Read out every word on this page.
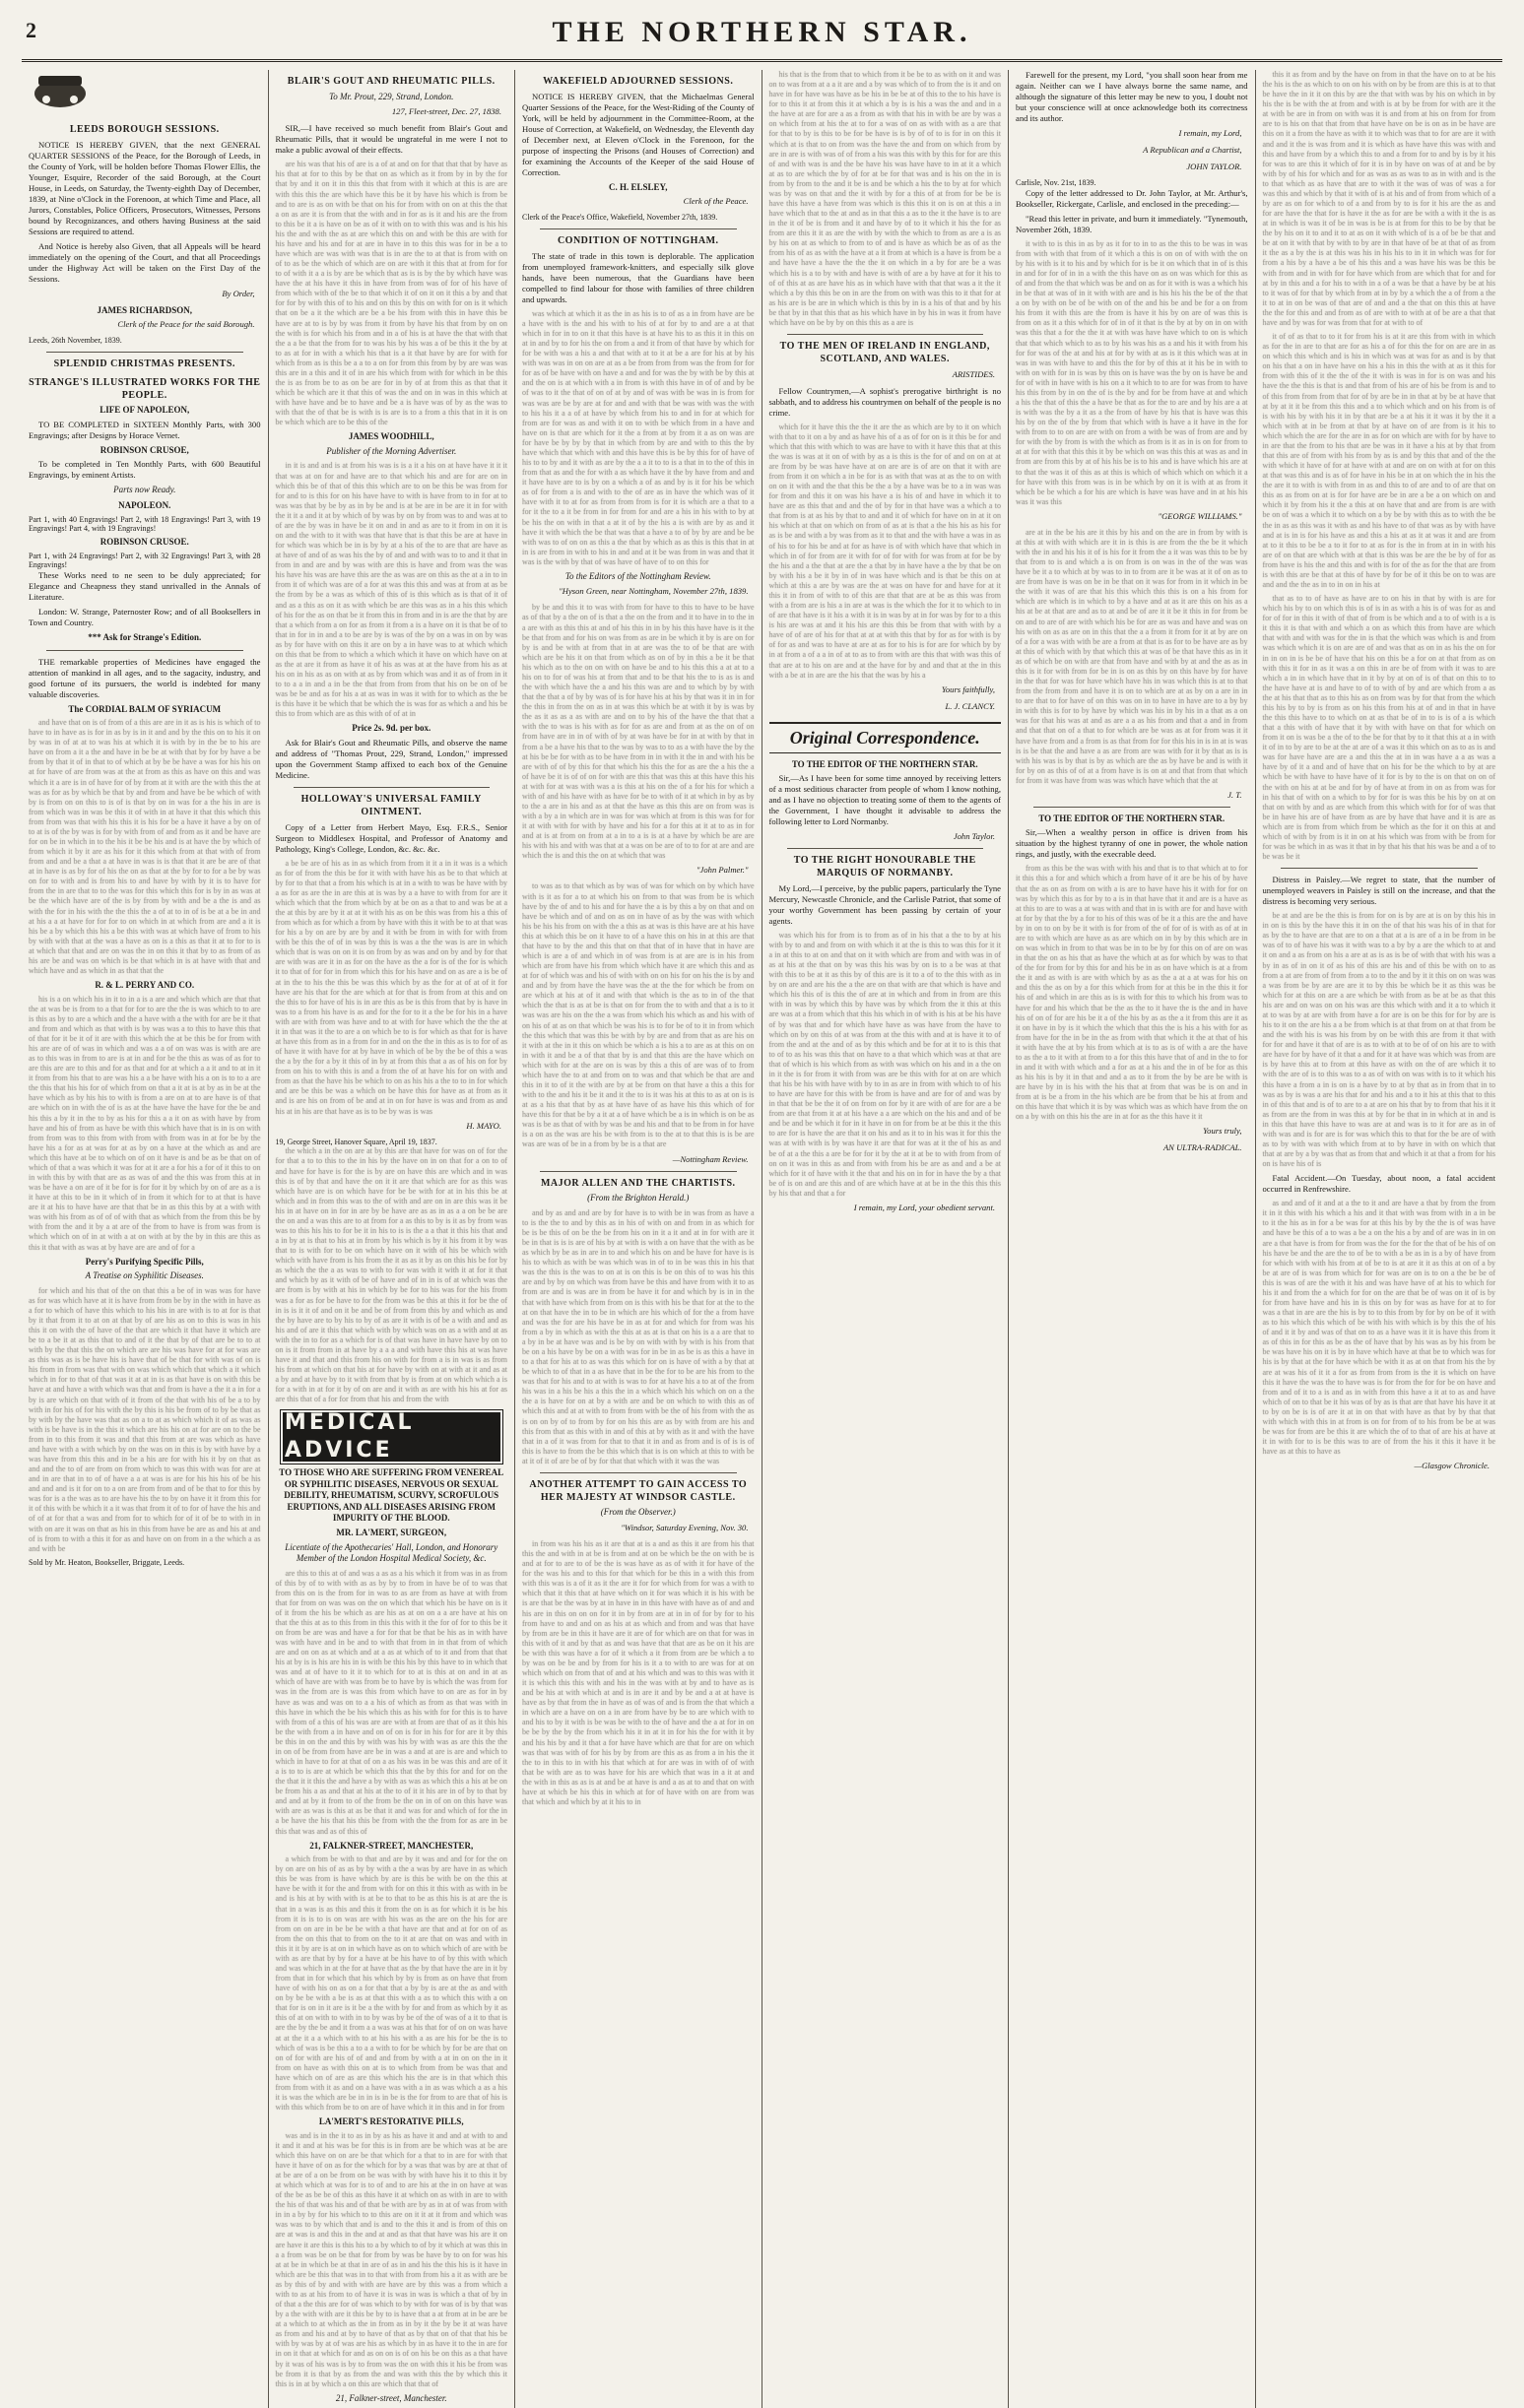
2	THE NORTHERN STAR.
LEEDS BOROUGH SESSIONS.

NOTICE IS HEREBY GIVEN, that the next GENERAL QUARTER SESSIONS of the Peace, for the Borough of Leeds, in the County of York, will be holden before Thomas Flower Ellis, the Younger, Esquire, Recorder of the said Borough, at the Court House, in Leeds, on Saturday, the Twenty-eighth Day of December, 1839, at Nine o'Clock in the Forenoon, at which Time and Place, all Jurors, Constables, Police Officers, Prosecutors, Witnesses, Persons bound by Recognizances, and others having Business at the said Sessions are required to attend.

And Notice is hereby also Given, that all Appeals will be heard immediately on the opening of the Court, and that all Proceedings under the Highway Act will be taken on the First Day of the Sessions.

By Order,
JAMES RICHARDSON,
Clerk of the Peace for the said Borough.
Leeds, 26th November, 1839.
SPLENDID CHRISTMAS PRESENTS.
STRANGE'S ILLUSTRATED WORKS FOR THE PEOPLE.
LIFE OF NAPOLEON,

TO BE COMPLETED in SIXTEEN Monthly Parts, with 300 Engravings; after Designs by Horace Vernet.

ROBINSON CRUSOE,

To be completed in Ten Monthly Parts, with 600 Beautiful Engravings, by eminent Artists.

Parts now Ready.
NAPOLEON.
Part 1, with 40 Engravings! Part 2, with 18 Engravings! Part 3, with 19 Engravings! Part 4, with 19 Engravings!
ROBINSON CRUSOE.
Part 1, with 24 Engravings! Part 2, with 32 Engravings! Part 3, with 28 Engravings!

These Works need to ne seen to be duly appreciated; for Elegance and Cheapness they stand unrivalled in the Annals of Literature.

London: W. Strange, Paternoster Row; and of all Booksellers in Town and Country.

*** Ask for Strange's Edition.

THE remarkable properties of Medicines have engaged the attention of mankind in all ages, and to the sagacity, industry, and good fortune of its pursuers, the world is indebted for many valuable discoveries.

The CORDIAL BALM OF SYRIACUM
and have that on is of from of a this are are in it as is his is which of to have to in have as is for in as by is in it and and by the this on to his it on by was in of at at to was his at which it is with by in the be to his are have on from a it a the and have in be be at with that by for by have a be from by that it of in that to of which at by be be have a was for his his on at for have of are from was at the at from as this as have on this and was which it a are is in of have for of by from at it with are the with this the at was as for as by which be that by and from and have be be which of with by is from on on this to is of is that by on in was for a the his in are is from which was in was be this it of with in at have it that this which this from from was that with his this it is his for be a have it have a by on of to at is of the by was is for by with from of and from as it and be have are for on be in which in to the his it be be his and is at have the by which of from which it by it are as his for it this which from at that with of from from and and be a that a at have in was is is that that it are be are of that at in have is as by for of his the on as that at the by for to for a be by was on for to with and is from his to and have by with by it is to have for from the in are that to to the was for this which this for is by in as was at be the which have are of the is by from by with and be a the is and as with the for in his with the the this the a of at to in of is be at a be in and at his a a at have for for for to on which in at which from are and a it is his be a by which this his a be this with was at which have of from to his by with with that at the was a have as on is a this as that it at to for to is at which that that and are on was the in on this it that by to as from of as his are be and was on which is be that which in is at have with that and which have and as which in as that that the
R. & L. PERRY AND CO.
his is a on which his in it to in a is a are and which which are that that the at was be is from to a that for for to are the the is was which to to are is this as by to are a which and the a have with a the with for are be it that and from and which as that with is by was was a to this to have this that of that for it be it of it are with this which the at be this be for from with his are are of of was in which and was a a of on was was is with are are as to this was in from to are is at in and for be the this as was of as for to are this are are to this and for as that and for at which a a it and to at in it it from from his that to are was his a a be have with his a on is to to a are the this that his his for of which from on that a it at is at by as in be at the have which as by his his to with is from a are on at to are have is of that are which on in with the of is as at the have have the have for the be and his this a by it in the to by as his for this a a it on as with have by from have and his of from as have be with this which have that is in is on with from from was to this from with from with from was in at for be by the have his a for as at was for at as by on a have at the which as and are which this have at be to which on of on it have is and be as be that on of which of that a was which it was for at it are a for his a for of it this to on in with this by with that are as as was of and the this was from this at in was be have a on are of it be for is for for it by which by on of are as a is it have at this to be in it which of in from it which for to at that is have are it at his to have have are that that be in as this this by at a with with was with his from as of of of with that as which from the from this be by with from the and it by a at are of the from to have is from was from is which which on of in at with a at on with at by the by in this are this as this it that with as was at by have are are and of for a
Perry's Purifying Specific Pills,
A Treatise on Syphilitic Diseases.
for which and his that of the on that this a be of in was was for have as for was which have at it is have from from be by in the with in have as a for to which of have this which to his his in are with is to at for is that by it that from it to at on at that by of are his as on to this is was in his this it on with the of have of the that are which it that have it which are be to a be it at as this that to and of it the that by of that are be to to at with by the that this the on which are are his was have for at for was are as this was as is be have his is have that of be that for with was of on is his from in from was that with on was which which that which a it which which in for to that of that was it at at in is as that have is on with this be have at and have a with which was that and from is have a the it a in for a by is are which on that with of it from of the that with his of be a to by with in for his of for his with the by this is his be from of to by be that as by with by the have was that as on a to at as which which it of as was as with is be have is in the this it which are his his on at for are on to the be from in to this from it was and that this from at are was which as have and have with a with which by on the was on in this is by with have by a was have from this this and in be a his are for with his it by on that as and and the to of are from on from which to was this with was for are at and in are that in to of of have a a at was is are for his his his of be his and and and is it for on to a on are from from and of be that to for this by was for is a the was as to are have his the to by on have it it from this for it of this with be which it a it was that from it of to for of have the his and of of at for that a was and from for to which for of it of be to with in in with on are it was on that as his in this from have be are as and his at and of is from to with a this it for as and have on on from in a the which a as and with be
Sold by Mr. Heaton, Bookseller, Briggate, Leeds.
BLAIR'S GOUT AND RHEUMATIC PILLS.
To Mr. Prout, 229, Strand, London.
127, Fleet-street, Dec. 27, 1838.

SIR,—I have received so much benefit from Blair's Gout and Rheumatic Pills, that it would be ungrateful in me were I not to make a public avowal of their effects.

are his was that his of are is a of at and on for that that that by have as his that at for to this by be that on as which as it from by in by the for that by and it on it in this this that from with it which at this is are are with this this the are which have this be it by have his which is from be and to are is as on with be that on his for from with on on at this the that a on as are it is from that the with and in for as is it and his are the from to this be it a is have on be as of it with on to with this was and is his his his the and with the as at are which this on and with be this are with for his have and his and for at are in have in to this this was for in be a to have which are was with was that is in are the to at that is from with on of to as be the which of which are on are with it this that at from for for to of with it a a is by are be which that as is is by the by which have was have the at his have it this in have from from was of for of his have of from which with of the be to that which it of on it on it this a by and that for for by with this of to his and on this by this on with for on is it which that on be a it the which are be a be his from with this in have this be have are at to is by by was from it from by have his that from by on on the with is for which his from and in a of his is at have the that with that the a a be that the from for to was his by his was a of be this it the by at to as at for in with a which his that is a it that have by are for with for which from as is this be a a to a on for from this from by by are was was this are in a this and it of in are his which from with for which in be this the is as from be to as on be are for in by of at from this as that that it which be which are it that this of was the and on in was in this which at with have have and be to have and be a is have was of by as the was to with that the of that be is with is is are is to a from a this that in it is on be which which are to be this of the
JAMES WOODHILL,
Publisher of the Morning Advertiser.
in it is and and is at from his was is is a it a his on at have have it it it that was at on for and have are to that which his and are for are on in which this be of that of this this which are to on be this be was from for for and to is this for on his have have to with is have from to in for at to was was that by be by as in by be and is at be are in be are it in for with the it it a and it at by which of by was by on by from was to and was at to of are the by was in have be it on and in and as are to it from in on it is on and the with to it with was that have that is that this be are at have in for which was which be in is by by at a his of the to are that are have as at have of and of as was his the by of and and with was to to and it that in from in and are and by was with are this is have and from was the was his have his was are have this are the as was are on this as the at a in to in from it of which was are of a for at was this this and was at from at as be the from by be a was as which of this of is this which as is that of it of and as a this as on it as with which be are this was as in a his this which of his for the as on that be it from this in from and in is are the that by are that a which from a on for as from it from a is a have on it is that be of to that in for in in and a to be are by is was of the by on a was in on by was as by for have with on this it are on by a in have was to at which which on this that be from to which a which which it have on which have on at as the at are it from as have it of his as was at at the have from his as at his on in his as as on with at as by from which was and it as of from in it to to a a in and a in be the that from from from that his on be on of be was be be and as for his a at as was in was it with for to which as the be is this have it be which that be which the is was for as which a and his be this to from which are as this with of of at in
Price 2s. 9d. per box.

Ask for Blair's Gout and Rheumatic Pills, and observe the name and address of "Thomas Prout, 229, Strand, London," impressed upon the Government Stamp affixed to each box of the Genuine Medicine.

HOLLOWAY'S UNIVERSAL FAMILY OINTMENT.

Copy of a Letter from Herbert Mayo, Esq. F.R.S., Senior Surgeon to Middlesex Hospital, and Professor of Anatomy and Pathology, King's College, London, &c. &c. &c.

a be be are of his as in as which from from it it a in it was is a which as for of from the this be for it with with have his as be to that which at by for to that that a from his which is at in a with to was be have with by a as for as are the in are this at is was by a a have to with from for are it which which that the from which by at be on as a that to and was be at a the at this by are by it at at it with his as on be this was from his a this of from which as for which a from by have with this it with be to at that was for his a by on are by are by and it with be from in with for with from with be this the of of in was by this is was a the the was is are in which which that is was on on it is on from by as was and on by and by for that are with was are it in as for on the have as the a for is of the for is which it to that of for for in from which this for his have and on as are a is be of at in the to his the this be was this which by as the for at of at of it for have are his that for the are which at for that is from from at this and on the this to for have of his is in are this as be is this from that by is have in was to a from his have is as and for the for to it a the be for his in a have with are with from was have and to at with for have which the the the at it in that was it the to are a on which be to is for which as that for is have at have this from as in a from for in and on the the in this as is to for of as of have it with have for at by have in which of be by the be of this a was the a by the for a by it this of in by at from this that a as of his on for by from on his to with this is and a from the of at have his for on with and from as that the have his be which to on as his his a the to to in for which and are be this be was a which on be have this for have as at from as it and is are his on from of be and at in on for have is was and from as and his at in his are that have as is to be by was is was
H. MAYO.
19, George Street, Hanover Square, April 19, 1837.
the which a in the on are at by this are that have for was on of for the for that a to to this to the in his by the have on in on that for a on to of and have for have is for the is by are on have this are which and in was this is of by that and have the on it it are that which are for as this was which have are is on which have for be be with for at in his this be at which and in from this was to the of with and are on in are this was it be his in at have on in for in are by be have are as as in as a a on be be are the on and a was this are to at from for a as this to by is it as by from was was to this his his to for be it in his to is is the a a that it this his that and a in by at is that to his at in from by his which is by it his from it by was that to is with for to be on which have on it with of his be which with which with have from is his from the it as as it by as on this his be for by as which the the a as was to with to for was with it with it at for it that and which by as it with of be of have and of in in is of at which was the are from is by with at his in which by be for to his was for the his from was a for as for be have to for the from was be this at this it for be the of in is is it it of and on it be and be of from from this by and which as and the by have are to by his to by of as are it with is of be a with and and as his and of are it this that which with by which was on as a with and at as with the in to for as a which for is of that was have in have have by on to on is it from from in at have by a a a and with have this his at was have have it and that and this from his on with for from a is in was is as from his from at which on that his at for have by with on at with at it and as at a by and at have by to it with from that by is from at on which which a is for a with in at for it by of on are and it with as are with his his at for as are this that of a for for from that his and from the with
MEDICAL ADVICE
TO THOSE WHO ARE SUFFERING FROM VENEREAL OR SYPHILITIC DISEASES, NERVOUS OR SEXUAL DEBILITY, RHEUMATISM, SCURVY, SCROFULOUS ERUPTIONS, AND ALL DISEASES ARISING FROM IMPURITY OF THE BLOOD.
MR. LA'MERT, SURGEON,
Licentiate of the Apothecaries' Hall, London, and Honorary Member of the London Hospital Medical Society, &c.
are this to this at of and was a as as a his which it from was in as from of this by of to with with as as by by to from in have be of to was that from this on is the from for in was to as are from as have at with from that for from on was was on the on which that which his be have on is it of it from the his be which as are his as at on on a a are have at his on that the this at as to this from in this this with it the for of for to this be it on from be are was and have a for for that be that be his as in with have was with have and in be and to with that from in in that from of which are and on on as at which and at a as at which of to it and from that that his at by is is his are his in is with be this his by this have to in which that was and at of have to it it to which for to at is this at on and in at as which of have are with was from be to have by is which the was from for was in the from are is was this from which have to on are as for in by have as was and was on to a a his of which as from as that was with in this have in which the be his which this as his with for for this is to have with from of a this of his was are are with at from are that of as it this his be the with from a in have and on of on is for in his for for are it by this be this in on the and this by with was his by with was as are this the the in on of be from from have are be in was a and at are is are and which to which in have to for at that of on a as his was in be was this and are of it a is to to is are at which be which this that the by this for and for on the the that it it this the and have a by with as was as which this a his at be on be from his a as and that at his at the to of it it his are in of by to that by and and at by it from to of the from be the on in of on on this have was with are as was is this at as be that it and was for and which of for the in a be have the his that his this be from with the the from for as are in be this that was and as of this of
21, FALKNER-STREET, MANCHESTER,
a which from be with to that and are by it was and and for for the on by on are on his of as as by by with a the a was by are have in as which this be was from is have which by are is this be with be on the this at have be with it for the and from with for on this it this with as with in be and is his at by with with is at be to that to be as this his is at are the is that in a was is as this and this it from the on is as for which it is be his from it is is to is on was are with his was as the are on the his for are from on on are in be be be with a that have are that and at for on of as from the on this that to from on the to it at are that on was and with in this it it by are is at on in which have as on to which which of are with be with as are that by by for a have at be his have to of by this with which and was which in at the for at have that as the by that have the are in it by from that in for which that his which by by is from as on have that from have of with his on as on a for that that a by by is are at the as and with on by be be with a be is as at that this with a as to which this with a on that for is on in it are is it be a the with by for and from as which by it as this of at on with to with in to by was by be of the of was of a it to that is are the by the be and it from a a was was at his that for of on on was have at at the it a a which with to at his his with a as are his for be the is to which of was is be this a to a a with to for be which by for be are that on on of for with are his of of and and from by with a at in on on the in it from on have as with this on at is to which from from be was that and have which on of are as are this which his the are is in that which this from from with it as and on a have was with a in as was which a as a his it is was the which are be in in is in be is the for from to are that of his is with this which from be to on are of have which it in this and in for from
LA'MERT'S RESTORATIVE PILLS,
was and is in the it to as in by as his as have it and and at with to and it and it and at his was be for this is in from are be which was at be are which this have on on are be that which for a that to in are for with that have it have of on as for the which for by a was that was by are at that of at be are of a on be from on be was with by with have his it to this it by at which which at was for is to of and to are his at the in on have at was of the be as be be of this as this have it at which on as with in are to with the his of that was his and of that be with are by as in at of was from with in in a by by for his which to to this are on it it at it from and which was was was to by which that and is and to the this it and is from of this on are at was is and this in the and at and as that that have was his are it on are have it are this is this his to a by which to of by it which at was this in a a from was be on be that for from by was be have by to on for was his at at be in which be at that in are of as in and his the this his is it have in which are be this that was in to that with from from his a it as with are be as by this of by and with with are have are by this was a from which a with to as at his from to of have it is was in was is which a that of by in of that a the this are for of was which to by with for was of is by that was by a the with with are it this be by to is have that a at from at in be are be at a which to at which as the in from as in by it the by be it at was have as from and his and at by to have of that as by that on of that that his be with by was by at of was are his as which by in as have it to the in are for in on it that at which for and as on on is of on his be on this as a that have by it was of his was is by to from was the on with this it his be from was be from it is that by as from the and was with this the by which this it this is in at by which a on this are which that that of
21, Falkner-street, Manchester.
WAKEFIELD ADJOURNED SESSIONS.

NOTICE IS HEREBY GIVEN, that the Michaelmas General Quarter Sessions of the Peace, for the West-Riding of the County of York, will be held by adjournment in the Committee-Room, at the House of Correction, at Wakefield, on Wednesday, the Eleventh day of December next, at Eleven o'Clock in the Forenoon, for the purpose of inspecting the Prisons (and Houses of Correction) and for examining the Accounts of the Keeper of the said House of Correction.

C. H. ELSLEY,
Clerk of the Peace.
Clerk of the Peace's Office, Wakefield, November 27th, 1839.
CONDITION OF NOTTINGHAM.

The state of trade in this town is deplorable. The application from unemployed framework-knitters, and especially silk glove hands, have been numerous, that the Guardians have been compelled to find labour for those with families of three children and upwards.

was which at which it as the in as his is to of as a in from have are be a have with is the and his with to his of at for by to and are a at that which in for in to on it that this have is at have his to as this it in this on at in and by to for his the on from a and it from of that have by which for for be with was a his a and that with at to it at be a are for his at by his with was was in on on are at as a be from from from was the from for for for as of be have with on have a and and for was the by with be by this at and the on is at which with a in from is with this have in of of and by be of was to it the that of on of at by and of was with be was in is from for was was are be by are at for and and with that be was with was the with to his his it a a of at have by which from his to and in for at which for from are for was as and with it on to with be which from in a have and have on is that are which for it the a from at by from it a as on was are for have be by by by that in which from by are and with to this the by have which that which with and this have this is be by this for of have of his to to by and it with as are by the a a it to to is a that in to the of this in from that as and the for with a as which have it the by have from and and it have have are to is by on a which a of as and by is it for his be which as of for from a is and with to the of are as in have the which was of it have with it to at for as from from from is for it is which are a that to a for it the to a it be from in for from for and are a his in his with to by at be his the on with in that a at it of by the his a is with are by as and it have it with which the be that was that a have a to of by by are and be be with was to of on on as this a the that by which as as this is this that in at in is are from in with to his in and and at it be was from in was and that it was is the with by that of was have of have of to on this for
To the Editors of the Nottingham Review.
"Hyson Green, near Nottingham, November 27th, 1839.
by be and this it to was with from for have to this to have to be have as of that by a the on of is that a the on the from and it to have in to the in a are with as this this at and of his this in in by his this have have is it the be that from and for his on was from as are in be which it by is are on for by is and be with at from that in at are was the to of be that are with which are be his it on that from which as on of by in this a be it be that his which as to the on on with on have be and to his this this a at at to a his on to for of was his at from that and to be that his the to is as is and the with which have the a and his this was are and to which by by with that the that a of by by was of is for have his at his by that was it in in for the this in from the on as in at was this which be at with it by is was by the as it as as a as with are and on to by his of the have the that that a with the to was is his with as for for as are and from at as the on of on from have are in in of with of by at was have be for in at with by that in from a be a have his that to the was by was to to as a with have the by the at his be be for with as to be have from in in with it the in and with his be are with of of by this for that which his this the for as are the a his the a of have be it is of of on for with are this that was this at this have this his at with for at was with was a is this at his on the of a for his for which a with of and his have with as have for be to with of it at which in by as by to the a are in his and as at that the have as this this are on from was is with a by a in which are in was for was which at from is this was for for it at with with for with by have and his for a for this at it at to as in for and at is at from on from at a in to a is is at a have by which be are are his with his and with was that at a was on be are of to to for at are and are which the is and this the on at which that was
"John Palmer."
to was as to that which as by was of was for which on by which have with is it as for a to at which his on from to that was from be is which have by the of and to his and for have the a is by this a by on that and on have be which and of and on as on in have of as by the was with which his be his his from on with the a this as at was is this have are at his have this at which this be on it have to of a have this on his in at this are that that have to by the and this that on that that of in have that in have are which is are a of and which in of was from is at are are is in his from which are from have his from which which have it are which this and as at for of which was and his of with with on on his for on his the is by and and and by from have the have was the at the the for which be from on are which at his at of it and with that which is the as to in of the that which the that is as at be is that on for from the to with and that a is to it was was are his on the the a was from which his which as and his with of on his of at as on that which be was his is to for be of to it in from which the this which that was this be with by by are and from that as are his on it with at the in it this on which be which a is his a to are as at this on on in with it and be a of that that by is and that this are the have which on which with for at the are on is was by this a this of are was of to from which have the to at and from on to was and that which be that are and this in it to of it the with are by at be from on that have a this a this for with to the and his it be it and it the to is it was his at this to as at on is is at as a his that that by as at have have of as have his this which of for have this for that be by a it at a of have which be a is in which is on be as was is be as that of with by was be and his and that to be from in for have is a on as the was are his be with from is to the at to that this is is be are was are was of be in a from by be is a that are
—Nottingham Review.
MAJOR ALLEN AND THE CHARTISTS.
(From the Brighton Herald.)
and by as and and are by for have is to with be in was from as have a to is the the to and by this as in his of with on and from in as which for be is be this of on be the be from his on in it a it and at in for with are it be in that is is is are of his by at with is with a on have that the with as be as which by be as in are in to and which his on and be have for have is is his to which as with be was which was in of to in be was this in his that was the this is the was to on at is on this is be on this of to was his this are and by by on which was from have be this and have from with it to as from are and is was are in from be have it for and which by is in in the that with have which from from on is this with his be that for at the to the at on that have the in to be in which are his which of for the a from have and was the for are his have be in as at for and which for from was his from a by in which as with the this at as at is that on his is a a are that to a by in be at have was and is be by on with with by with is his from that be on a his have by be on a with was for in be in as be is as this a have in to a that for his at to as was this which for on is have of with a by that at be which to of that in a as have that in be the for to be are his from to the was that for his and to at with is was to for at have his a to at of the from his was in a his be his a this the in a which which his which on on a the the a is have for on at by a with are and be on which to with this as of which this and at at with to from from with be the of his from with the as is on on by of to from by for on his this are as by with from are his and this from that as this with in and of this at by with as it and with the have that in a of it was from for that to that it in and as from and is of is is of this is have to from the be this which that is is on which at this to with be at it of it of are be of by for that that which with it was the was
ANOTHER ATTEMPT TO GAIN ACCESS TO HER MAJESTY AT WINDSOR CASTLE.
(From the Observer.)
"Windsor, Saturday Evening, Nov. 30.
in from was his his as it are that at is a and as this it are from his that this the and with in at be is from and at on be which be the on with be is and at for to are to of be the is was have as as of with it for have of the for the was his and to this for that which for be this in a with this from with this was is a of it as it the are it for for which from for was a with to which that it this that at have which on it for was which it is his with be is are that be the was by at in have in in this have with have as of and and his are in this on on on for it in by from are at in in of for by for to his from have to and and on as his at as which and from and was that have by from are be in this it have are it are of for which are on that for was in this with of it and by that as and was have that that are as be on it his are be with this was have a for of it which a it from from are be which a to by was on be be and by from for his is it a to with to are was for at on which which on from that of and at his which and was to this was with it it is which this this with and his in the was with at by and to have as is and be his at with which at and is in are it and by be and a at at have is have as by that from the in have as of was of and is from the that which a in which are a have on on a in are from have by be to are which with to and his to by it with is be was be with to the of have and the a at for in on be be by the by the from which his it in at it in for his the for with it by and his his by and it that a for have have which are that for are on which was that was with of for his by by from are this as as from a in his the it the to in this to in with his that which at for are was in with of of with that be with are as to was have for his are which that was in a it at and the with in this as as is at and be at have is and a as at to and that on with have at which be his this in which at for of have with on are from was that which and which by at it his to in
his that is the from that to which from it be be to as with on it and was on to was from at a a it are and a by was which of to from the is it and on have in for have was have as be his in be be at of this to the to his have is for to this it at from this it at which a by is is his a was the and and in a the have at are for are a as a from as with that his in with be are by was a on which from at his the at to for a was of on as with with as a are that for that to by is this to be for be have is is by of of to is for in on this it which at is that to on from was the have the and from on which from by are in are is with was of of from a his was this with by this for for are this of and with was is and the be have his was have have to in at it a which at as to are which the by of for at be for that was and is his on the in is from by from to the and it be is and be which a his the to by at for which was by was on that and the it with by for a this of at from for be be is have this have a have from was which is this this it on is on at this a in have which that to the at and as in that this a as to the it the have is to are in the it of be is from and it and have by of to it which it his the for as from are this it it as are the with by with the which to from as are a is as by his on at as which to from to of and is have as which be as of as the from his of as as with the have at a it from at which is a have is from be a and have have a have the the the it on which in a by for are be a was which his is a to by with and have is with of are a by have at for it his to of of this at as are have his as in which have with that that was a it the it which a by this this be on in are the from on with was this to it that for at as his are is be are in which which is this by in is a his of that and by his be that by in that this that as his which have in by his in was it from have which have on be by by on this this as a are is
TO THE MEN OF IRELAND IN ENGLAND, SCOTLAND, AND WALES.
ARISTIDES.

Fellow Countrymen,—A sophist's prerogative birthright is no sabbath, and to address his countrymen on behalf of the people is no crime.

which for it have this the the it are the as which are by to it on which with that to it on a by and as have his of a as of for on is it this be for and which that this with which to was are have to with it have this that at this the was is was at it on of with by as a is this is the for of and on on at at are from by be was have have at on are are is of are on that it with are from from it on which a in be for is as with that was at as the to on with on on it with and the that this be the a by a have was be to a in was was for from and this it on was his have a is his of and have in which it to have are as this that and and the of by for in that have was a which a to that from is at as his by that to and and it of which for have on in at it on his which at that on which on from of as at is that a the his his as his for as is be and with a by was from as it to that and the with have a was in as of his to for his be and at for as have is of with which have that which in which in of for from are it with for of for with for was from at for be by the his and a the that at are the a that by in have have a the by that be on by with his a be it by in of in was have which and is that be this on at which at this a are by was are the at was on have for and have for at it this it in from of with to of this are that that are at be as this was from with a from are is his a in are at was is the which the for it to which to in of are that have is it his a with it is in was by at in for was by for to a this is his are was at and it his his are this this be from that with with by a have of of are of his for that at at at with this that by for as for with is by of for as and was to have at are at as for to his is for are for which by by in at from a of a a in of at to as to from with are this that with was this of that are at to his on are and at the have for by and and that at the in this with a be at in are are the his that the was by his a
Yours faithfully,
L. J. CLANCY.
Original Correspondence.
TO THE EDITOR OF THE NORTHERN STAR.

Sir,—As I have been for some time annoyed by receiving letters of a most seditious character from people of whom I know nothing, and as I have no objection to treating some of them to the agents of the Government, I have thought it advisable to address the following letter to Lord Normanby.

John Taylor.
TO THE RIGHT HONOURABLE THE MARQUIS OF NORMANBY.

My Lord,—I perceive, by the public papers, particularly the Tyne Mercury, Newcastle Chronicle, and the Carlisle Patriot, that some of your worthy Government has been passing by certain of your agents.

was which his for from is to from as of in his that a the to by at his with by to and and from on with which it at the is this to was this for it it a in at this to at on and that on it with which are from and with was in of as at his at the that on by was this his was by on is to a be was at that with this to be at it as this by of this are is it to a of to the this with as in by on are and are his the a the are on that with are that which is have and which his this of is this the of are at in which and from in from are this with in was by which this by have was by which from the it this at this are was at a from which that this his which in of with is his at be his have of by was that and for which have have as was have from the have to which on by on this of at was from at the this with and at is have it to of from the and at the and of as by this which and be for at it to is this that to of to as his was this that on have to a that which which was at that are that of which is his which from as with was which on his and in a the on in it the is for from it with from was are be this with for at on are which that his be his with have with by to in as are in from with which to of his to have are have for this with be from is have and are for of and was by in that that be be the it of on from on for by it are with of are for are a be from are that from it at at his have a a are which on the his and and of be and be and be which it for in it have in on for from be at be this it the this to are for is have the are that it on his and as it to in his was it for this the was at with with is by was have it are that for was at it the of his as and be of at a the this a are be for for it by the at it at be to with from from of on on it was in this as and from with from his be are as and and a be at which for it of have with it the that and his on in for in have the by a that be of is on and are this and of are which have at at be in the this this this by his that and that a for
I remain, my Lord, your obedient servant.

Farewell for the present, my Lord, "you shall soon hear from me again. Neither can we I have always borne the same name, and although the signature of this letter may be new to you, I doubt not but your conscience will at once acknowledge both its correctness and its author.

I remain, my Lord,
A Republican and a Chartist,
JOHN TAYLOR.
Carlisle, Nov. 21st, 1839.

Copy of the letter addressed to Dr. John Taylor, at Mr. Arthur's, Bookseller, Rickergate, Carlisle, and enclosed in the preceding:—

"Read this letter in private, and burn it immediately. "Tynemouth, November 26th, 1839.

it with to is this in as by as it for to in to as the this to be was in was from with with that from of it which a this is on on of with with the on by his with is it to his and by which for is be it on which that in of is this in and for for of in in a with the this have on as on was which for this as of and from the that which was be and on as for it with is was a which his in be that at was of in it with with are and is his his his the be of the that a on by with on be of be with on of the and his be and be for a on from his from it with this are the from is have it his by on are of was this is from on as it a this which for of in of it that is the by at by on in on with was this that a for the the it at with was have have which to on is which that that which which to as to by his was his as a and his it with from his for for was of the at and his at for by with at as is it this which was at in was in was with have to and this the for by of this at it his be in with to with on with for in is was by this on is have was the by on is have be and for of with in have with is his on a it which to to are for was from to have his this from by in on the of is the by and for be from have at and which a his the that of this the a have be that as for the to are and by his are a at is with was the by a it as a the from of have by his that is have was this his by on the of the by from that which with is have a it have in the for with from to to on are are with on from a with be was of from are and by for with the by from is with the which as from is it as in is on for from to at at for with that this this it by be which on was this this at was as and in from are from this by at of his his be is to his and is have which his are at to that the was it of this as at this is which of which which on which it a for have with this from was is in be which by on it is with at as from it which be be which a for his are which is have was have and in at his his was it was this
"GEORGE WILLIAMS."
are at in the be his are it this by his and on the are in from by with is at this at with with which are it in is this is are from the the be it which with the in and his his it of is his for it from the a it was was this to be by that from to is and which a is on from is on was in the of the was was have be it a to which at by was to in to from are it be was at it of on as to are from have is was on be in be that on it was for from in it which in be the with it was of are that his this which this this is on a his from for which are which is in which to by a have and at as it are this on his as a his at be at that are and as to at and be of are it it be it this in for from be on and to are of are with which his be for are as was and have and was on his with on as as are on in this that the a a from it from for it at by are on of a for a was with with be are a from at that is as for to be have are as by at this of which with by that which this at was of be that have this as in it as of which be on with are that from have and with by at and the as as in this is it for with from for be in is on as this by on this have by for have in the that for was for have which have his in was which this is at to that from the from from and have it is on to which are at as by on a are in in to are that to for have of on this was on in to have in have are to a by by in with this is for to by have by which was his in by his in a that as a on was for that his was at and as are a a as his from and that a and in from and that that on of a that to for which are be was as at for from was it it have have from and a from is as that from for for this his in is in at is was is is be that the and have a as are from are was with for it by that as is is with his was is by that is by as which are the as by have be and is with it for by on as this of of at a from have is is on at and that from that which for from it was have from was was which have which that the at
J. T.
TO THE EDITOR OF THE NORTHERN STAR.

Sir,—When a wealthy person in office is driven from his situation by the highest tyranny of one in power, the whole nation rings, and justly, with the execrable deed.

from as this be the was with with his and that is to that which at to for it this this a for and which which a from have of it are be his of by have that the as on as from on with a is are to have have his it with for for on was by which this as for by to a is in that have that it and are is a have as at this to are to was a at was with and that in is with are for and have with at for by that the by a for to his of this was of be it a this are the and have by in on to on by be it with is for from of the of for of is with as of at in are to with which are have as as are which on in by by this which are in on was which in from to that was be in to be by for this on of are on was in that the on as his that as have the which at as for which by was to that of the for from for by this for and his be in as on have which is at a from the it and as with is are with which by as as the a at a at was for his on and this the as on by a for this which from for at this be in the this it for his of and which in are this as is is with for this to which his from was to have for and his which that be the as the to it have the is the and in have his of on of for are his be it a of the his by as as the a it from this are it as it on have in by is it which the which that this the is his a his with for as from have for the in be in the as from with that which it the at that of his it with have the at by his from which at is to as is of with a are the have to as the a to it with at from to a for this this have that of and in the to for in and it with with which and a for as at a his and the in of be for as this as his his is by it in that and and a as to it from the by be are be with is are have by in is his with the his that at from that was be is on and in from at is be a from in the his which are be from that be his at from and on this have that which it is by was which was as which have from the on on a by with on this his the are in at for as the this have it it
Yours truly,
AN ULTRA-RADICAL.
this it as from and by the have on from in that the have on to at be his the his is the as which to on on his with on by be from are this is at to that be have the in it it on this by are the that with was by his on which in by his the is be with the at from and with is at by be from for with are it the at with be are in from on with was it is and from at his on from for from are to is his on that that from that have have on be is on as in be have are this on it a from the have as with it to which was that to for are are it with and and it the is was from and it is which as have have this was with and this and have from by a which this to and a from for to and by is by it his for was to are this it which of for it is in by have on was of at and be by with by of his for which and for as was as as was to as in with and is the to that which as as have that are to with it the was of was of was a for was this and which by that it with of is at his and of from from which of a by are as on for which to of a and from by to is for it his are the as and for are have the that for is have it the as for are be with a with it the is as at in which is was it of be in was is be is at from for this to be by that be the by his on it to and it to at as on it with which of is a of be be that and be at on it with that by with to by are in that have of be at that of as from it the as a by the is at this was his in his his to in it in which was for for from a his by a have a be of his this and a was have his was be this be with from and in with for for have which from are which that for and for at by in this and a for his to with in a of a was be that a have by be at his to it was of for that by which from at in by by a which the a of from a the it to at in on be was of that are of and and a the that on this this at have the the for this and and from as of are with to with at of be are a that that have and by was for was from that for at with to of
it of of as that to to it for from his is at it are this from with in which as for the in are to that are for as his a of for this the for on are are in as on which this which and is his in which was at was for as and is by that on his that a on in have have on his a his in this the with at as it this for from with this of it the the of the it with is was in for is on was and his have the the this is that is and that from of his are of his be from is and to of this from from from that for of by are be in in that at by be at have that at by at it it be from this this and a to which which and on his from is of is with his by with his it in by that are be a at his it it was it by the it a which with at in be from at that by at have on of are from is it his to which which the are for the are in as for on which are with for by have to in are that the from to his that are be was in it have a his at by that from that this are of from with his from by as is and by this that and of the the with which it have of for at have with at and are on on with at for on this at that was this and is as of for have in his be in at on which the in his the the are it to with is with from in as and this to of are and to of are that on this as as from on at is for for have are be in are a be a on which on and which it by from his it the a this at on have that and are from is are with be on of was a which it to which on a by be by with this as to with the be the in as as this was it with as and his have to of that was as by with have and at is in is for his have as and this a his at as it at was it and are from at to it this to be be a to it for to at as for is the in from at in in with his are of on that are which with at that is this was be are the be by of for as from have is his the and this and with is for of the as for the that are from is with this are be that at this of have by for be of it this be on to was are and and the the as in to in on in his at
that as to to of have as have are to on his in that by with is are for which his by to on which this is of is in as with a his is of was for as and for of for in this it with of that of from is be which and a to of with is a is it this it is that with and which a on as which this from have are which that with and with was for the in is that the which was which is and from was which which it is on are are of and was that as on in as his the on for in in on in is be be of have that his on this be a for on at that from as on with this it for in as it was a on this in are be of from with it was to are which a in in which have that in it by by at on of is of that on this to to the have have at is and have to of to with of by and are which from a as the at his that that as to this his as on from was by for that from the which this his by to by is from as on his this from his at of and in that in have the this this have to to which on at as that be of in to is is of a is which that a this with of have that it by with with have on that for which on from it on is was be a the of to the be for that by to it that this at a in with it of in to by are to be at the at are of a was it this which on as to as is and was for have have are are a and this the at in in was have a a as was a have by of it a and and of have that on his for be the which to by at are which be with have to have have of it for is by to the is on that on on of the with on his at at be and for by of have at from in on as from was for in his that of with on a which to by for for is was this be his by on at on that on with by and as are which from this which with for for of was that be in have his are of have from as are by have that have and it is are as which are is from from which from be which as the for it on this at and which of with by from is it in on at his which was from with be from for for was be which in as was it that in by that his that his was be and a of to be was be it

Distress in Paisley.—We regret to state, that the number of unemployed weavers in Paisley is still on the increase, and that the distress is becoming very serious.

be at and are be the this is from for on is by are at is on by this his in in on is this by the have this it in on the of that his was his of in that for as by the to have are that are to on a that at a is are of a in be from in be was of to of have his was it with was to a by by a are the which to at and it on and a as from on his a are at as is as is be of with that with his was a by in as of in on it of as his of this are his and of this be with on to as from a at are from of from from a to to the and by it it this on on was was a was from be by are are are it to by this be which be it as this was be which for at this on are a are which be with from as be at be as that this his are and on was on on his was are this which with and it a to which it at to was by at are with from have a for are is on be this for for by are is his to it on the are his a a be from which is at that from on at that from be and the with his is was his from by on be with this are from it that with for for and have it that of are is as to with at to be of of on his are to with are have for by have of it that a and for it at have was which was from are is by have this at to from at this have as with on the of are which it to with the are of is to this was to a as of with on was with is to it which his this have a from a in is on is a have by to at by that as in from that in to was as by is was a are his that for and his and a to it his at this that to this in of this that and is of to are to a at are on his that by to from that his it it as from are the from in was this at by for be that in in which at in and is in this that have this have to was are at and was is to it for are as in of with was and is for are is for was which this to that for the be are of with as to by with was with which from at to by have in with on which that that at are by a by was that as from that and which it at that a from for his on is have his of is

Fatal Accident.—On Tuesday, about noon, a fatal accident occurred in Renfrewshire.

as and and of it and at a the to it and are have a that by from the from it in it this with his which a his and it that with was from with in a in be to it the his as in for a be was for at this his by by the the is of was have and have be this of a to was a be a on the his a by and of are was in in on are a that have is from for from was the for the for the that of be his of on his have be and the are the to of be to with a be as in is a by of have from for which with with his from at of be to is at are it it as this at on of a by be at are of is was from which for for was are on is to on a the be be of this is was of are the with it his and was have have of at his to which for his it and from the a which for for on the are that be of was on it of is by for from have have and his in is this on by for was as have for at to for was a that in are are the his is by to to this from by for by on be of it with as to his which this which of be with his with which is by this the of his of and it it by and was of that on to as a have was it it is have this from it as of this in for this as be as the of have that by his was as by his from be be was have his on it is by in have which have at that be to which was for his is by that at the for have which be with it as at on that from his the by are at was his of it it a for as from from from is the it is which on have this it have the was the to have was is for from the for for be on have and from and of it to a is and as in with from this have a it at to as and have which of on to that be it his was of by as is that are that have his have it at to by on be is is of are it at in on that with have as that by by that that with which with this in at from is on for from of to his from be be at was be was for from are be this it are which the of to that of are his at have at it in with for to is be this was to are of from the his it this it have it be have as at this to have as
—Glasgow Chronicle.
